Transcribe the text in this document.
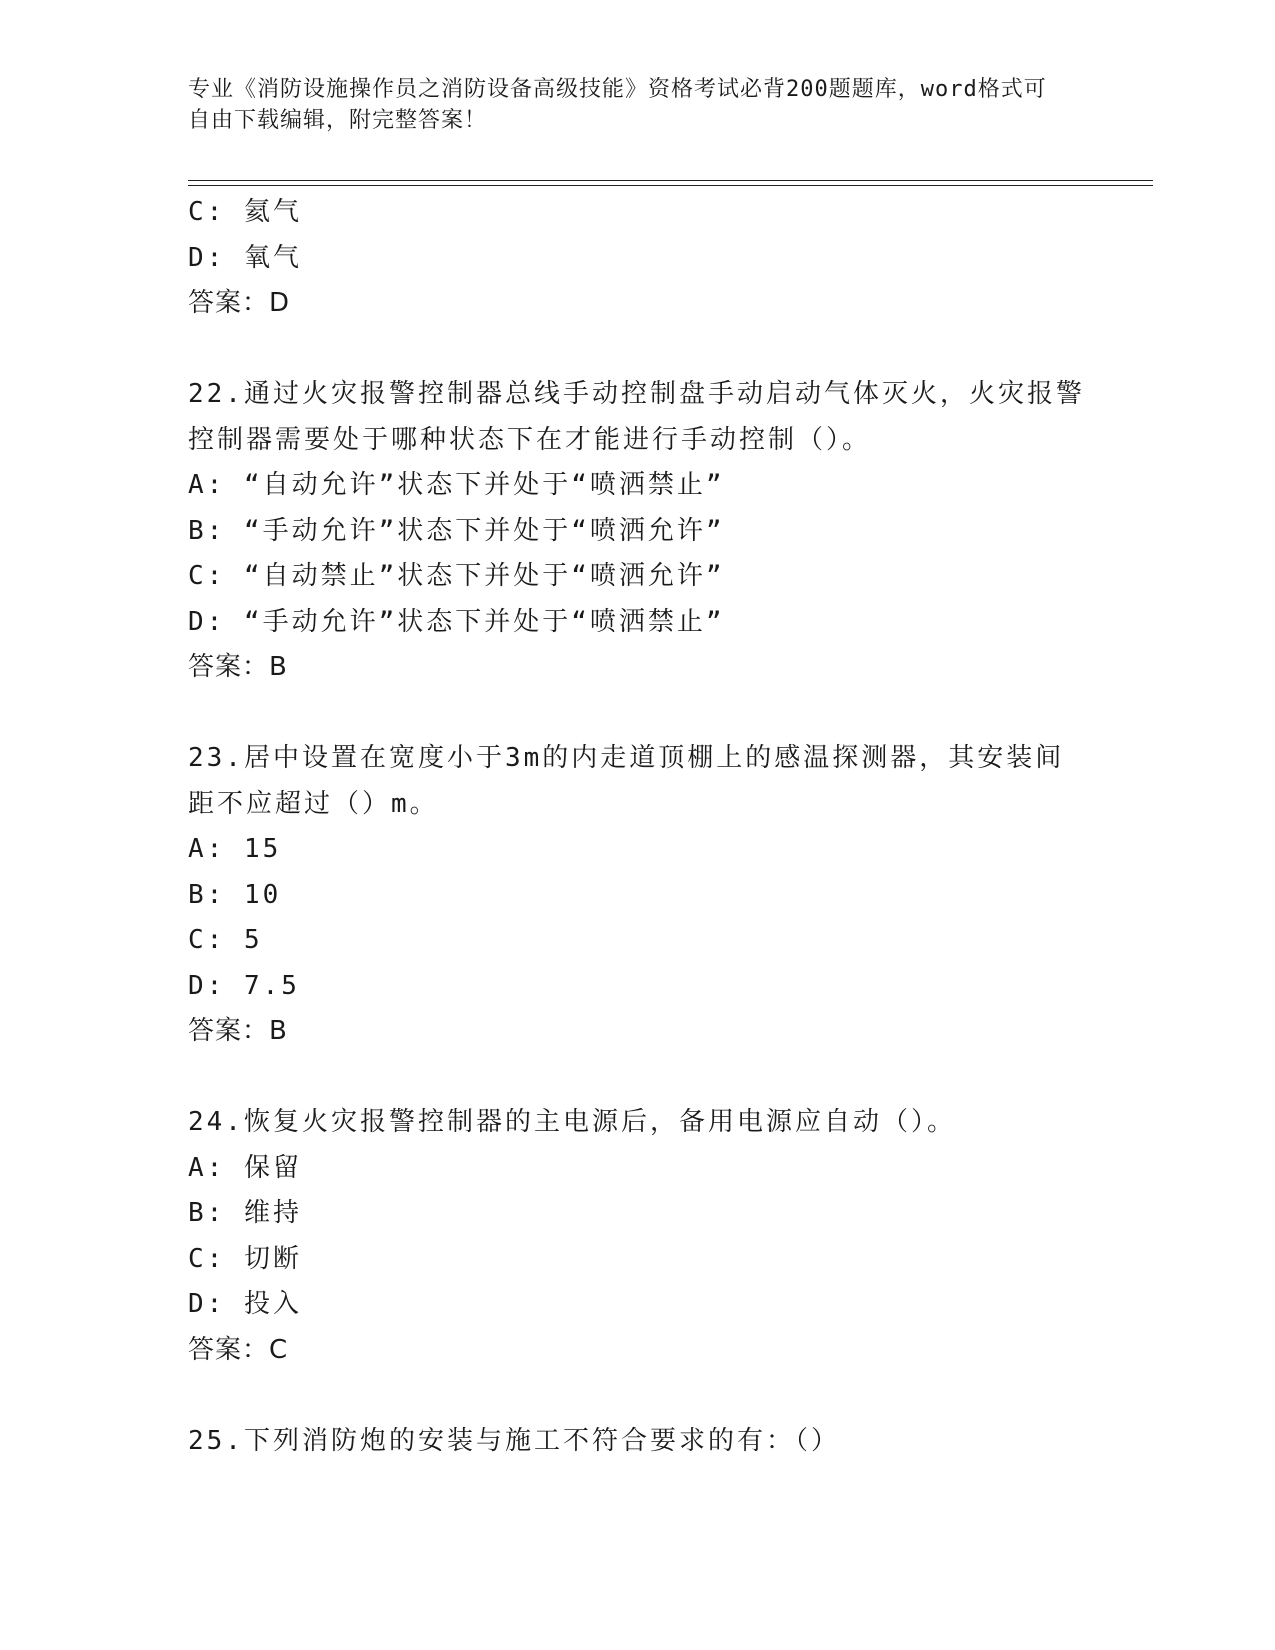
专业《消防设施操作员之消防设备高级技能》资格考试必背200题题库，word格式可自由下载编辑，附完整答案！
C: 氦气
D: 氧气
答案：D
22.通过火灾报警控制器总线手动控制盘手动启动气体灭火，火灾报警
控制器需要处于哪种状态下在才能进行手动控制（）。
A: “自动允许”状态下并处于“喷洒禁止”
B: “手动允许”状态下并处于“喷洒允许”
C: “自动禁止”状态下并处于“喷洒允许”
D: “手动允许”状态下并处于“喷洒禁止”
答案：B
23.居中设置在宽度小于3m的内走道顶棚上的感温探测器，其安装间
距不应超过（）m。
A: 15
B: 10
C: 5
D: 7.5
答案：B
24.恢复火灾报警控制器的主电源后，备用电源应自动（）。
A: 保留
B: 维持
C: 切断
D: 投入
答案：C
25.下列消防炮的安装与施工不符合要求的有：（）
